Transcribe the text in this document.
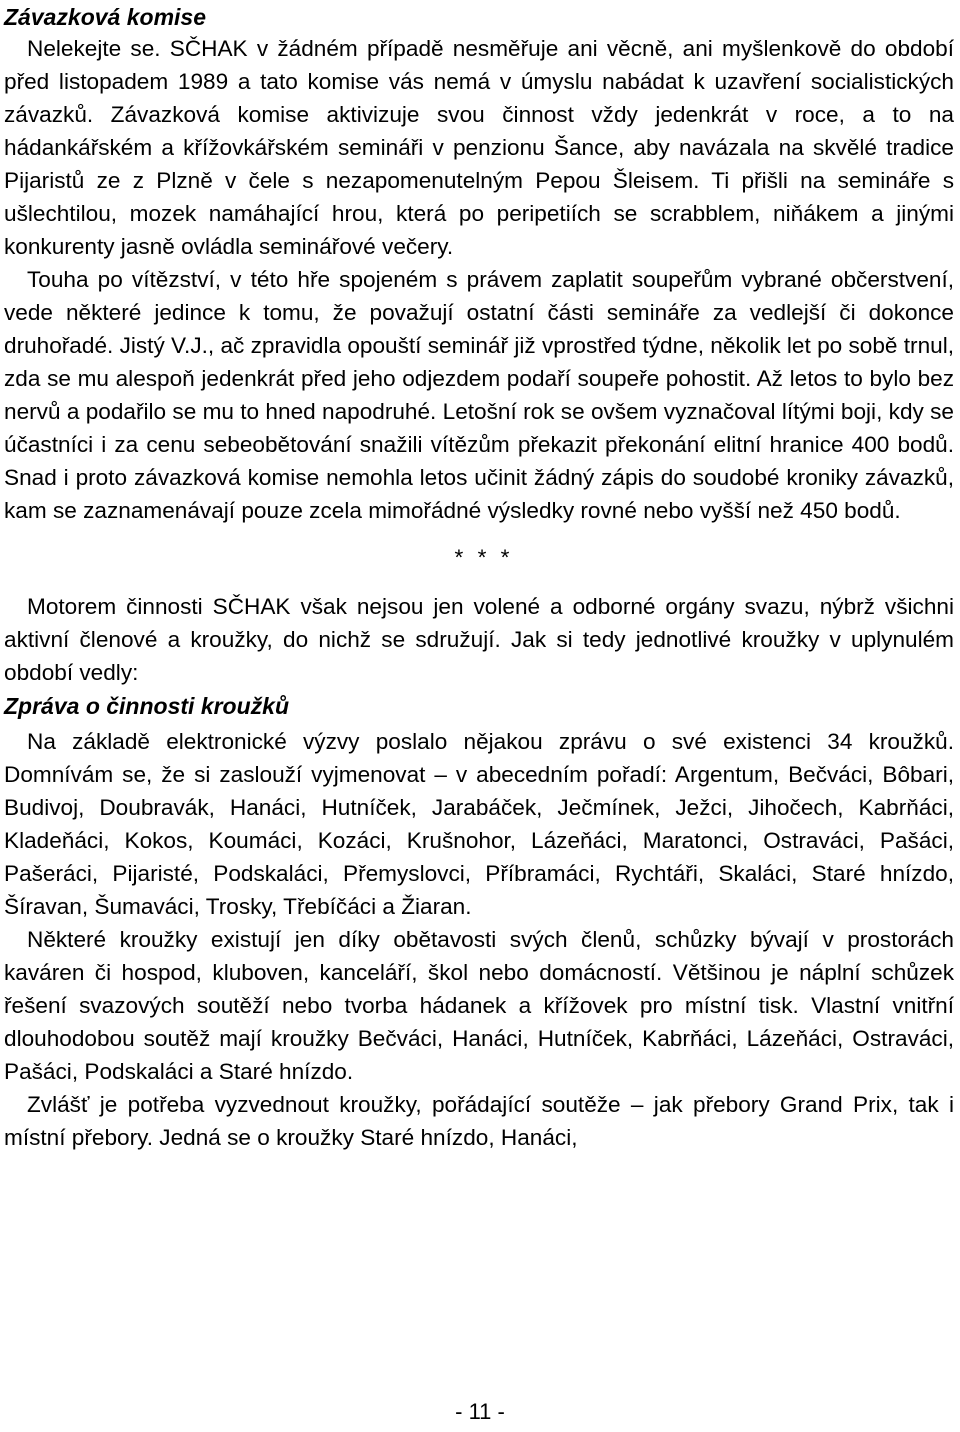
Závazková komise

Nelekejte se. SČHAK v žádném případě nesměřuje ani věcně, ani myšlenkově do období před listopadem 1989 a tato komise vás nemá v úmyslu nabádat k uzavření socialistických závazků. Závazková komise aktivizuje svou činnost vždy jedenkrát v roce, a to na hádankářském a křížovkářském semináři v penzionu Šance, aby navázala na skvělé tradice Pijaristů ze z Plzně v čele s nezapomenutelným Pepou Šleisem. Ti přišli na semináře s ušlechtilou, mozek namáhající hrou, která po peripetiích se scrabblem, niňákem a jinými konkurenty jasně ovládla seminářové večery.

Touha po vítězství, v této hře spojeném s právem zaplatit soupeřům vybrané občerstvení, vede některé jedince k tomu, že považují ostatní části semináře za vedlejší či dokonce druhořadé. Jistý V.J., ač zpravidla opouští seminář již vprostřed týdne, několik let po sobě trnul, zda se mu alespoň jedenkrát před jeho odjezdem podaří soupeře pohostit. Až letos to bylo bez nervů a podařilo se mu to hned napodruhé. Letošní rok se ovšem vyznačoval lítými boji, kdy se účastníci i za cenu sebeobětování snažili vítězům překazit překonání elitní hranice 400 bodů. Snad i proto závazková komise nemohla letos učinit žádný zápis do soudobé kroniky závazků, kam se zaznamenávají pouze zcela mimořádné výsledky rovné nebo vyšší než 450 bodů.

* * *

Motorem činnosti SČHAK však nejsou jen volené a odborné orgány svazu, nýbrž všichni aktivní členové a kroužky, do nichž se sdružují. Jak si tedy jednotlivé kroužky v uplynulém období vedly:

Zpráva o činnosti kroužků

Na základě elektronické výzvy poslalo nějakou zprávu o své existenci 34 kroužků. Domnívám se, že si zaslouží vyjmenovat – v abecedním pořadí: Argentum, Bečváci, Bôbari, Budivoj, Doubravák, Hanáci, Hutníček, Jarabáček, Ječmínek, Ježci, Jihočech, Kabrňáci, Kladeňáci, Kokos, Koumáci, Kozáci, Krušnohor, Lázeňáci, Maratonci, Ostraváci, Pašáci, Pašeráci, Pijaristé, Podskaláci, Přemyslovci, Příbramáci, Rychtáři, Skaláci, Staré hnízdo, Šíravan, Šumaváci, Trosky, Třebíčáci a Žiaran.

Některé kroužky existují jen díky obětavosti svých členů, schůzky bývají v prostorách kaváren či hospod, kluboven, kanceláří, škol nebo domácností. Většinou je náplní schůzek řešení svazových soutěží nebo tvorba hádanek a křížovek pro místní tisk. Vlastní vnitřní dlouhodobou soutěž mají kroužky Bečváci, Hanáci, Hutníček, Kabrňáci, Lázeňáci, Ostraváci, Pašáci, Podskaláci a Staré hnízdo.

Zvlášť je potřeba vyzvednout kroužky, pořádající soutěže – jak přebory Grand Prix, tak i místní přebory. Jedná se o kroužky Staré hnízdo, Hanáci,

- 11 -
